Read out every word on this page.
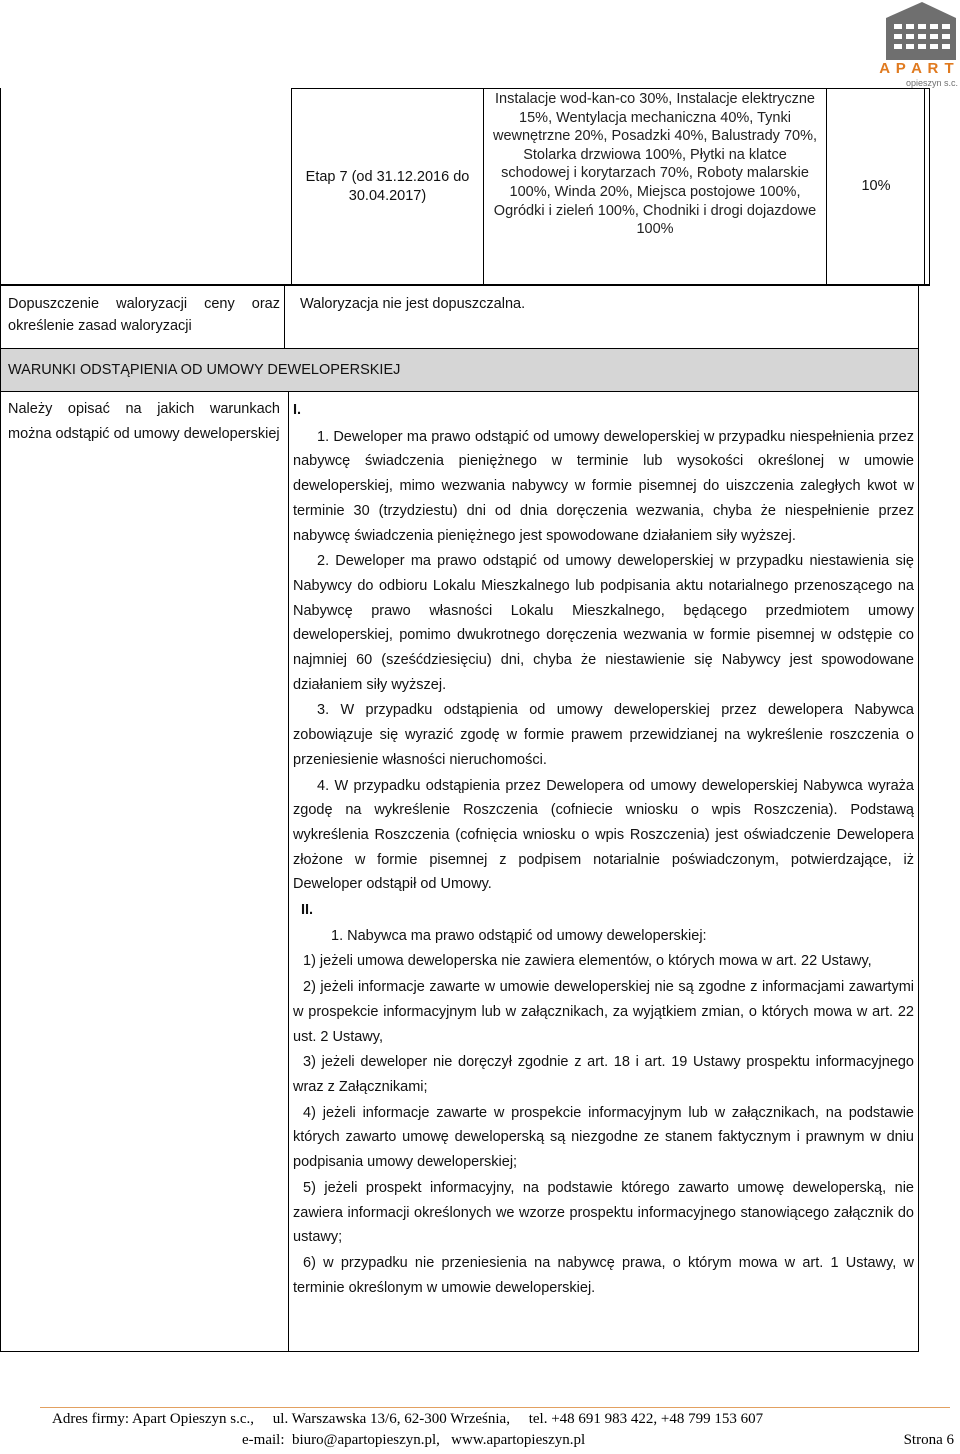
A P A R T
opieszyn s.c.
Etap 7 (od 31.12.2016 do 30.04.2017)
Instalacje wod-kan-co 30%, Instalacje elektryczne 15%, Wentylacja mechaniczna 40%, Tynki wewnętrzne 20%, Posadzki 40%, Balustrady 70%, Stolarka drzwiowa 100%, Płytki na klatce schodowej i korytarzach 70%, Roboty malarskie 100%, Winda 20%, Miejsca postojowe 100%, Ogródki i zieleń 100%, Chodniki i drogi dojazdowe 100%
10%
Dopuszczenie waloryzacji ceny oraz określenie zasad waloryzacji
Waloryzacja nie jest dopuszczalna.
WARUNKI ODSTĄPIENIA OD UMOWY DEWELOPERSKIEJ
Należy opisać na jakich warunkach można odstąpić od umowy deweloperskiej

I.

1. Deweloper ma prawo odstąpić od umowy deweloperskiej w przypadku niespełnienia przez nabywcę świadczenia pieniężnego w terminie lub wysokości określonej w umowie deweloperskiej, mimo wezwania nabywcy w formie pisemnej do uiszczenia zaległych kwot w terminie 30 (trzydziestu) dni od dnia doręczenia wezwania, chyba że niespełnienie przez nabywcę świadczenia pieniężnego jest spowodowane działaniem siły wyższej.

2. Deweloper ma prawo odstąpić od umowy deweloperskiej w przypadku niestawienia się Nabywcy do odbioru Lokalu Mieszkalnego lub podpisania aktu notarialnego przenoszącego na Nabywcę prawo własności Lokalu Mieszkalnego, będącego przedmiotem umowy deweloperskiej, pomimo dwukrotnego doręczenia wezwania w formie pisemnej w odstępie co najmniej 60 (sześćdziesięciu) dni, chyba że niestawienie się Nabywcy jest spowodowane działaniem siły wyższej.

3. W przypadku odstąpienia od umowy deweloperskiej przez dewelopera Nabywca zobowiązuje się wyrazić zgodę w formie prawem przewidzianej na wykreślenie roszczenia o przeniesienie własności nieruchomości.

4. W przypadku odstąpienia przez Dewelopera od umowy deweloperskiej Nabywca wyraża zgodę na wykreślenie Roszczenia (cofniecie wniosku o wpis Roszczenia). Podstawą wykreślenia Roszczenia (cofnięcia wniosku o wpis Roszczenia) jest oświadczenie Dewelopera złożone w formie pisemnej z podpisem notarialnie poświadczonym, potwierdzające, iż Deweloper odstąpił od Umowy.

II.

1. Nabywca ma prawo odstąpić od umowy deweloperskiej:

1) jeżeli umowa deweloperska nie zawiera elementów, o których mowa w art. 22 Ustawy,

2) jeżeli informacje zawarte w umowie deweloperskiej nie są zgodne z informacjami zawartymi w prospekcie informacyjnym lub w załącznikach, za wyjątkiem zmian, o których mowa w art. 22 ust. 2 Ustawy,

3) jeżeli deweloper nie doręczył zgodnie z art. 18 i art. 19 Ustawy prospektu informacyjnego wraz z Załącznikami;

4) jeżeli informacje zawarte w prospekcie informacyjnym lub w załącznikach, na podstawie których zawarto umowę deweloperską są niezgodne ze stanem faktycznym i prawnym w dniu podpisania umowy deweloperskiej;

5) jeżeli prospekt informacyjny, na podstawie którego zawarto umowę deweloperską, nie zawiera informacji określonych we wzorze prospektu informacyjnego stanowiącego załącznik do ustawy;

6) w przypadku nie przeniesienia na nabywcę prawa, o którym mowa w art. 1 Ustawy, w terminie określonym w umowie deweloperskiej.

Adres firmy: Apart Opieszyn s.c.,     ul. Warszawska 13/6, 62-300 Września,     tel. +48 691 983 422, +48 799 153 607
e-mail:  biuro@apartopieszyn.pl,   www.apartopieszyn.pl	Strona 6
